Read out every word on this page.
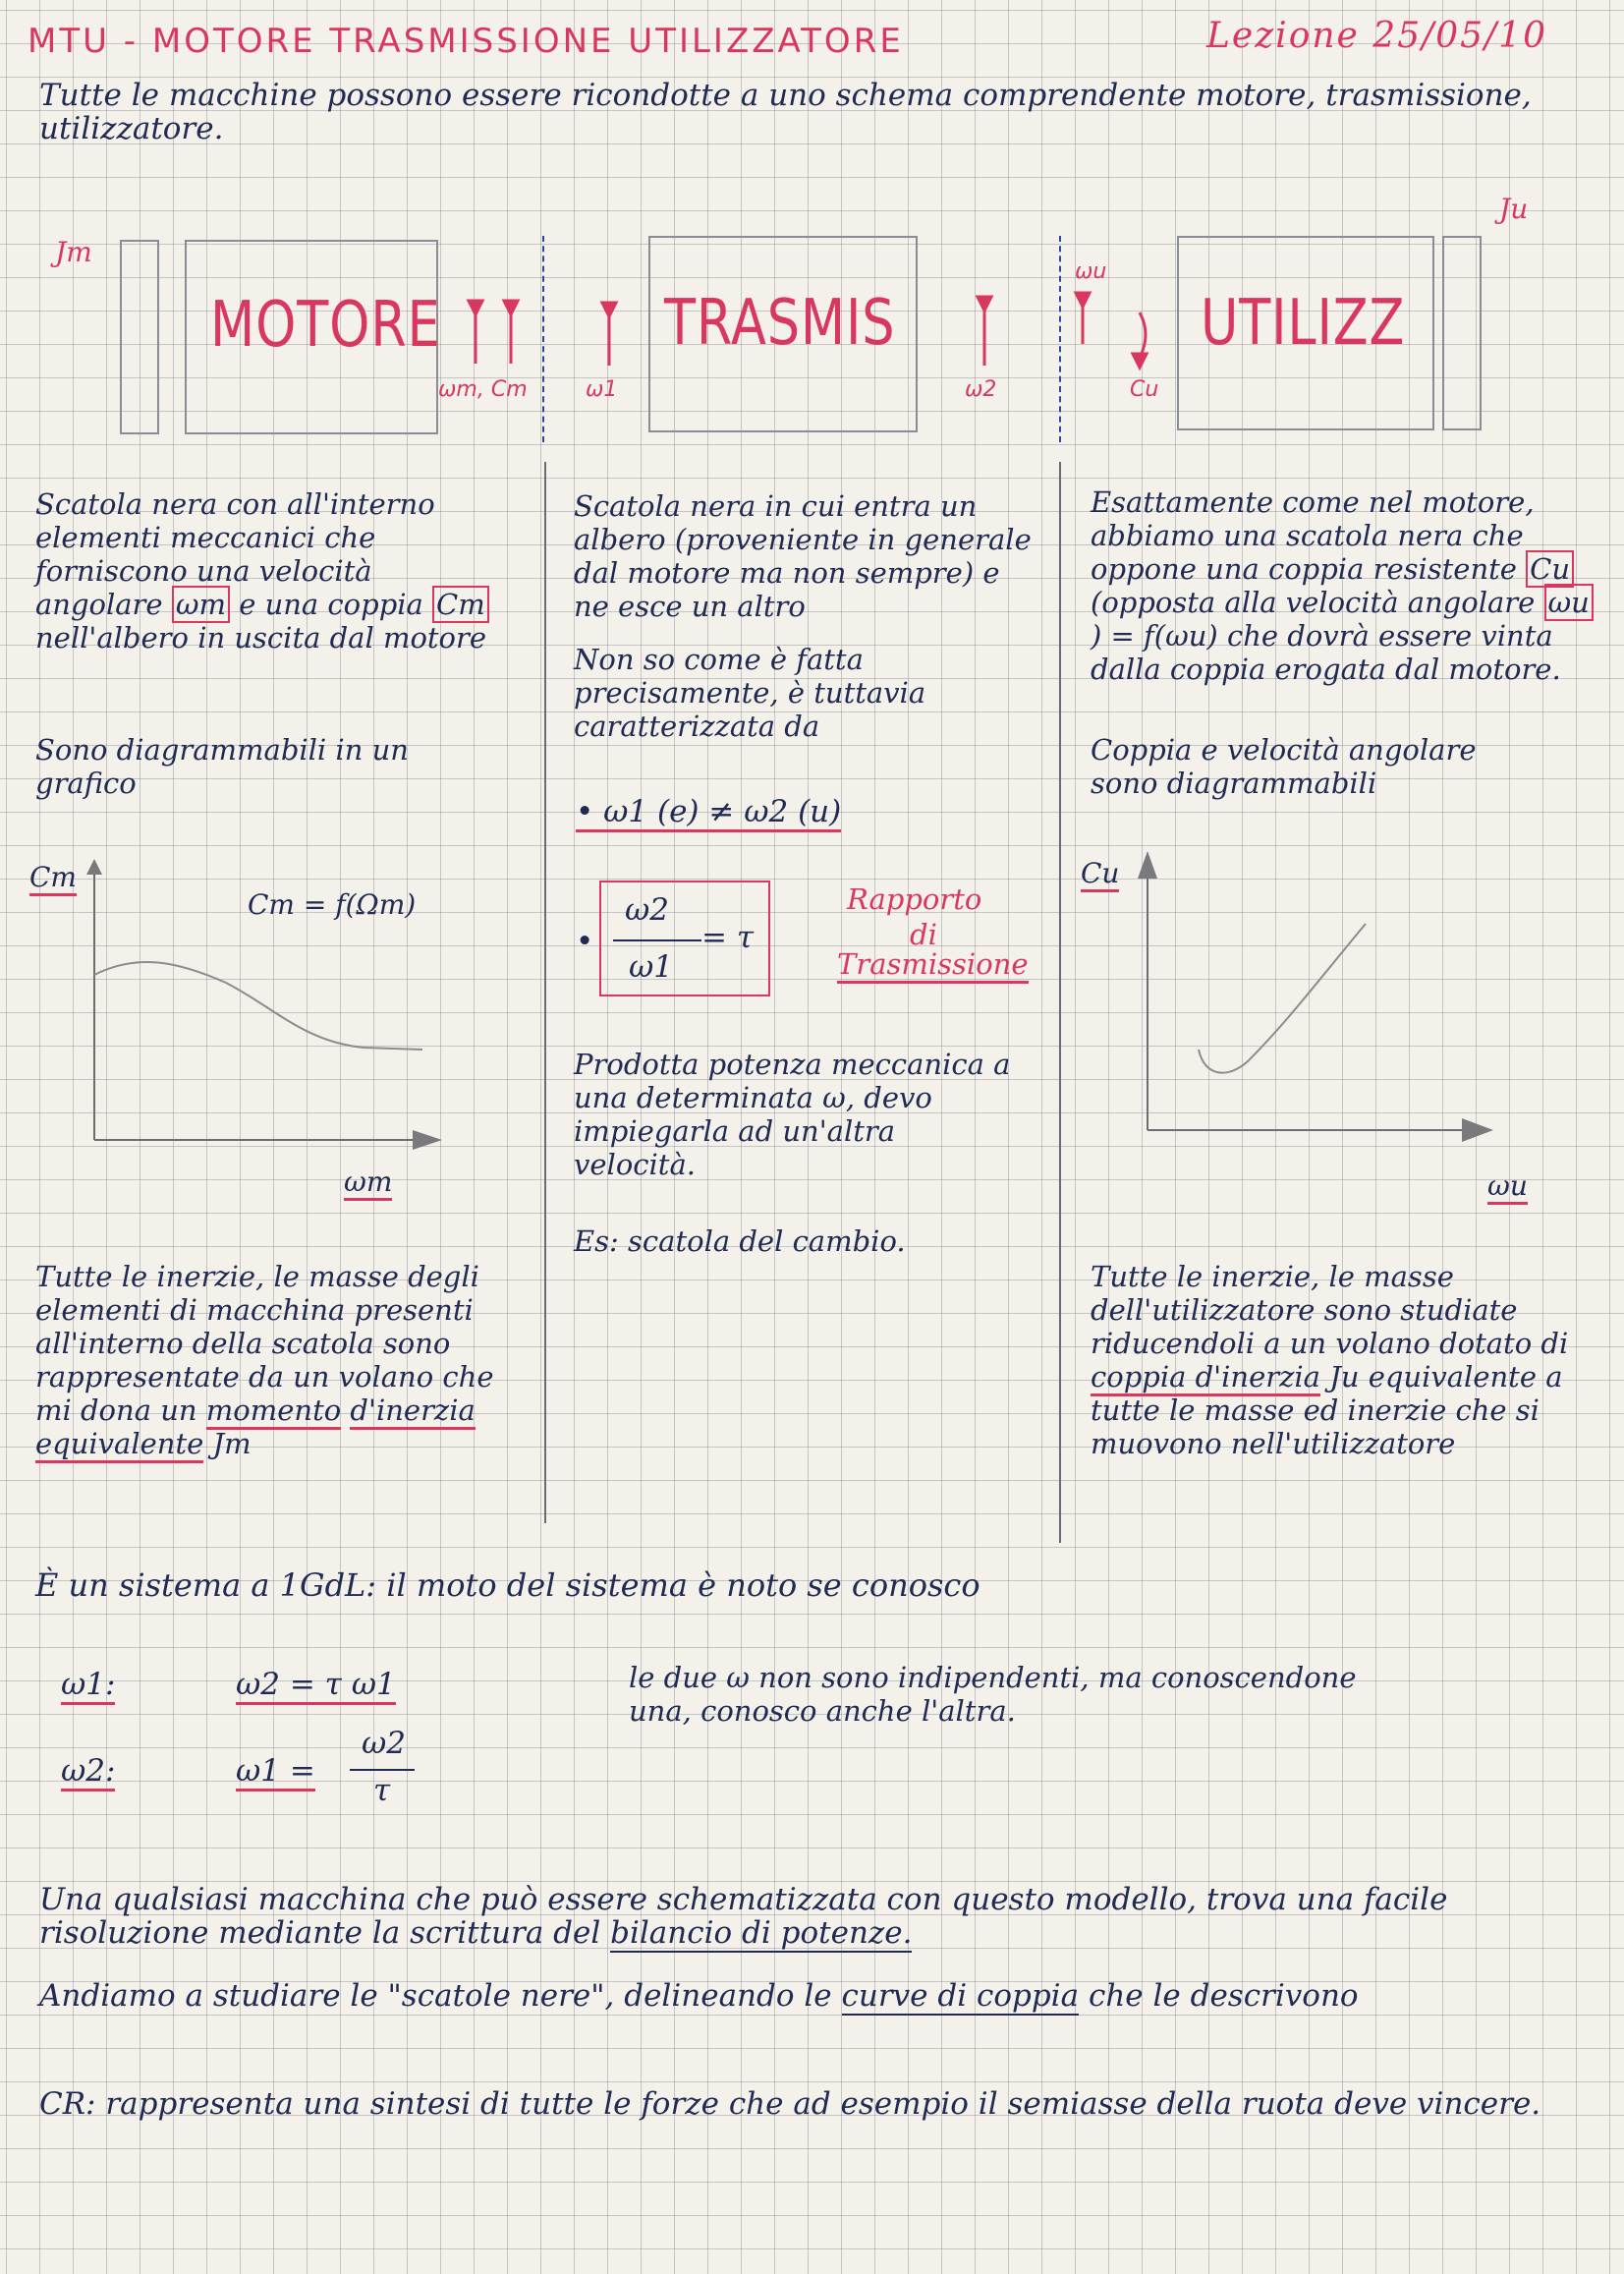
MTU - MOTORE TRASMISSIONE UTILIZZATORE	Lezione 25/05/10
Tutte le macchine possono essere ricondotte a uno schema comprendente motore, trasmissione, utilizzatore.
Jm
Ju
MOTORE	TRASMIS	UTILIZZ
ωm, Cm	ω1	ω2
ωu
Cu
Scatola nera con all'interno elementi meccanici che forniscono una velocità angolare ωm e una coppia Cm nell'albero in uscita dal motore
Sono diagrammabili in un grafico
Cm
Cm = f(Ωm)
ωm
Tutte le inerzie, le masse degli elementi di macchina presenti all'interno della scatola sono rappresentate da un volano che mi dona un momento d'inerzia equivalente Jm
Scatola nera in cui entra un albero (proveniente in generale dal motore ma non sempre) e ne esce un altro
Non so come è fatta precisamente, è tuttavia caratterizzata da
• ω1 (e) ≠ ω2 (u)
•
ω2
ω1
= τ
Rapporto
di
Trasmissione
Prodotta potenza meccanica a una determinata ω, devo impiegarla ad un'altra velocità.
Es: scatola del cambio.
Esattamente come nel motore, abbiamo una scatola nera che oppone una coppia resistente Cu (opposta alla velocità angolare ωu ) = f(ωu) che dovrà essere vinta dalla coppia erogata dal motore.
Coppia e velocità angolare sono diagrammabili
Cu
ωu
Tutte le inerzie, le masse dell'utilizzatore sono studiate riducendoli a un volano dotato di coppia d'inerzia Ju equivalente a tutte le masse ed inerzie che si muovono nell'utilizzatore
È un sistema a 1GdL: il moto del sistema è noto se conosco
ω1:	ω2 = τ ω1
ω2:	ω1 =
ω2
τ
le due ω non sono indipendenti, ma conoscendone una, conosco anche l'altra.
Una qualsiasi macchina che può essere schematizzata con questo modello, trova una facile risoluzione mediante la scrittura del bilancio di potenze.
Andiamo a studiare le "scatole nere", delineando le curve di coppia che le descrivono
CR: rappresenta una sintesi di tutte le forze che ad esempio il semiasse della ruota deve vincere.
